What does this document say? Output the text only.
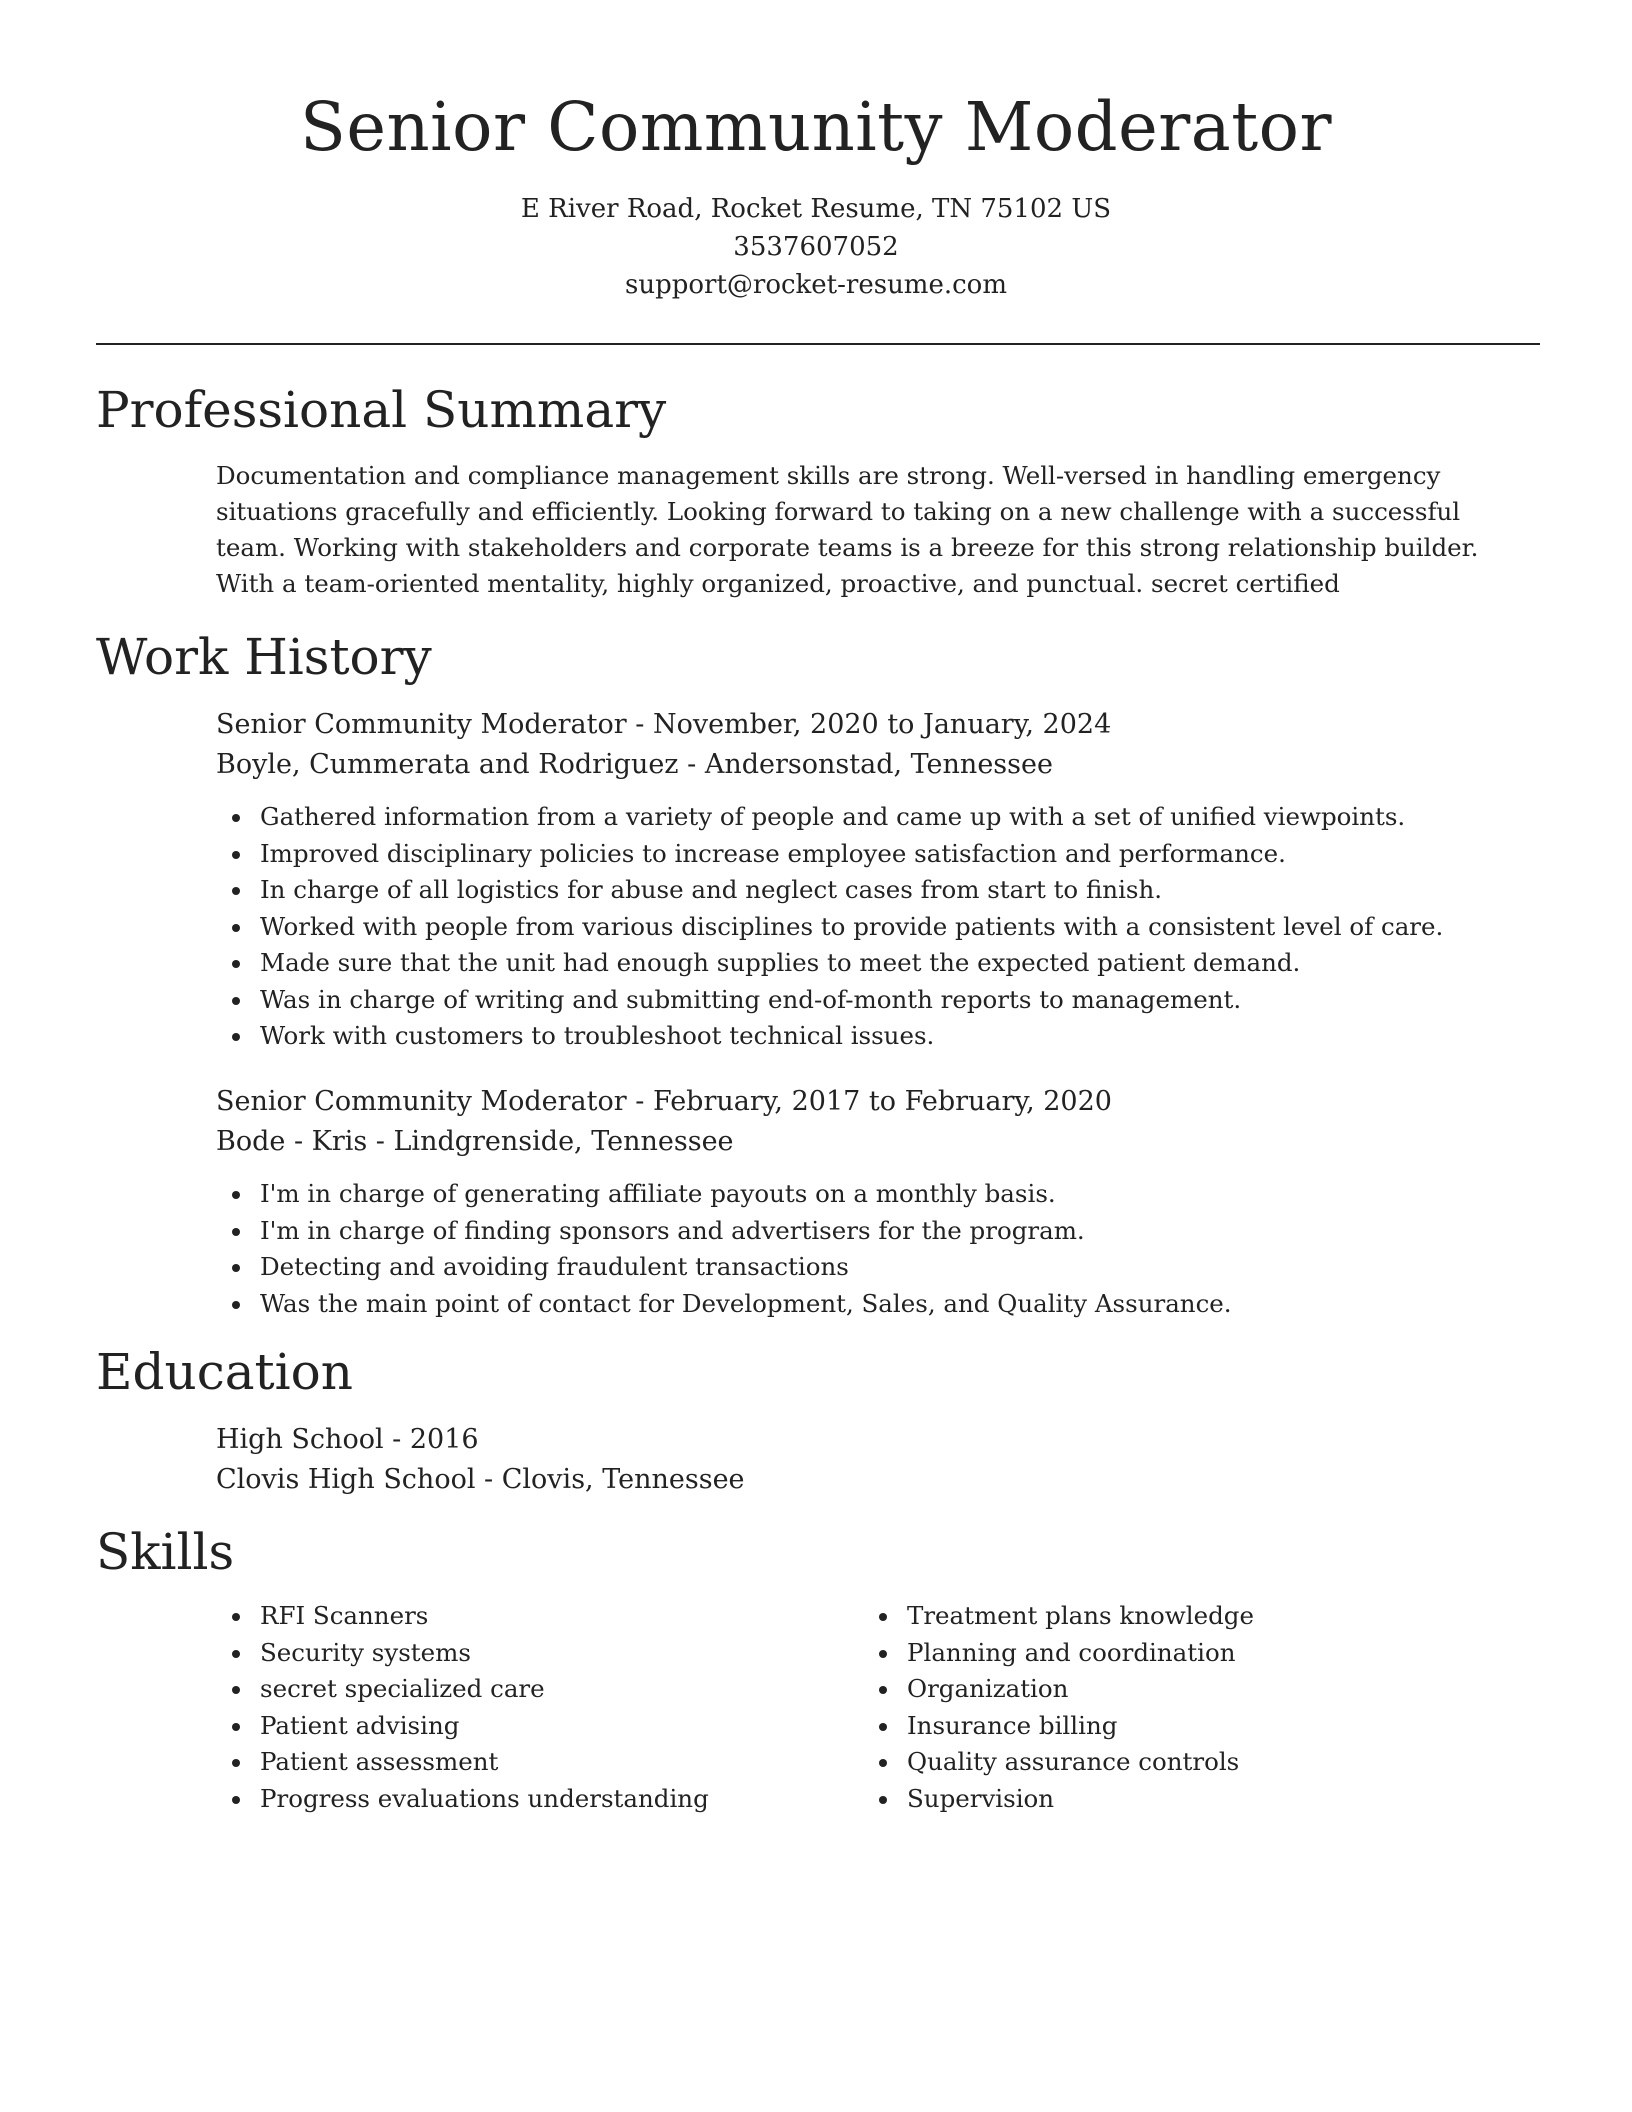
Senior Community Moderator
E River Road, Rocket Resume, TN 75102 US
3537607052
support@rocket-resume.com
Professional Summary

Documentation and compliance management skills are strong. Well-versed in handling emergency situations gracefully and efficiently. Looking forward to taking on a new challenge with a successful team. Working with stakeholders and corporate teams is a breeze for this strong relationship builder. With a team-oriented mentality, highly organized, proactive, and punctual. secret certified

Work History
Senior Community Moderator - November, 2020 to January, 2024
Boyle, Cummerata and Rodriguez - Andersonstad, Tennessee
Gathered information from a variety of people and came up with a set of unified viewpoints.
Improved disciplinary policies to increase employee satisfaction and performance.
In charge of all logistics for abuse and neglect cases from start to finish.
Worked with people from various disciplines to provide patients with a consistent level of care.
Made sure that the unit had enough supplies to meet the expected patient demand.
Was in charge of writing and submitting end-of-month reports to management.
Work with customers to troubleshoot technical issues.
Senior Community Moderator - February, 2017 to February, 2020
Bode - Kris - Lindgrenside, Tennessee
I'm in charge of generating affiliate payouts on a monthly basis.
I'm in charge of finding sponsors and advertisers for the program.
Detecting and avoiding fraudulent transactions
Was the main point of contact for Development, Sales, and Quality Assurance.
Education
High School - 2016
Clovis High School - Clovis, Tennessee
Skills
RFI Scanners
Security systems
secret specialized care
Patient advising
Patient assessment
Progress evaluations understanding
Treatment plans knowledge
Planning and coordination
Organization
Insurance billing
Quality assurance controls
Supervision
